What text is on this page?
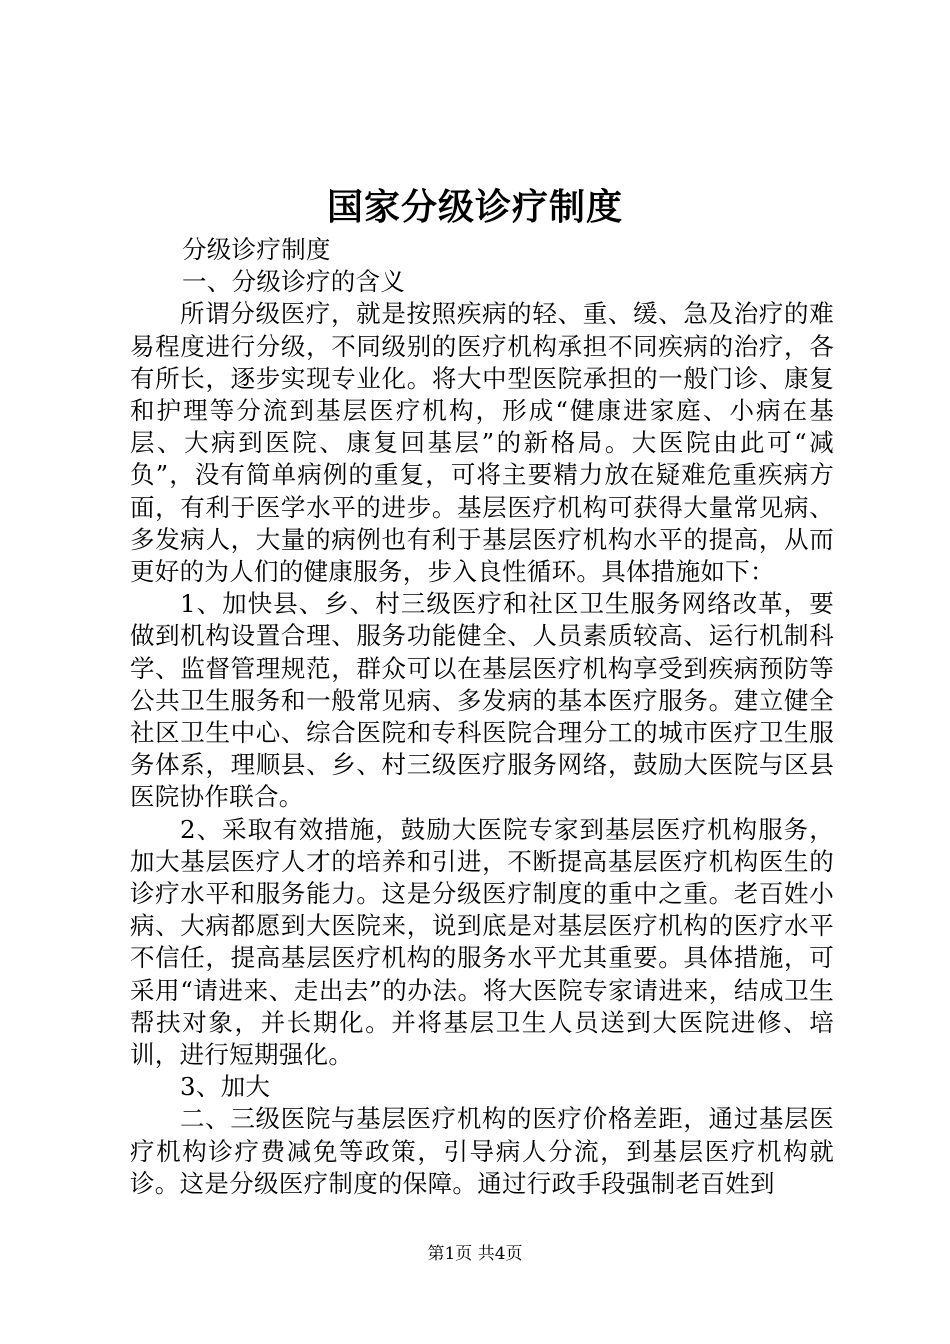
国家分级诊疗制度

分级诊疗制度

一、分级诊疗的含义

所谓分级医疗，就是按照疾病的轻、重、缓、急及治疗的难易程度进行分级，不同级别的医疗机构承担不同疾病的治疗，各有所长，逐步实现专业化。将大中型医院承担的一般门诊、康复和护理等分流到基层医疗机构，形成“健康进家庭、小病在基层、大病到医院、康复回基层”的新格局。大医院由此可“减负”，没有简单病例的重复，可将主要精力放在疑难危重疾病方面，有利于医学水平的进步。基层医疗机构可获得大量常见病、多发病人，大量的病例也有利于基层医疗机构水平的提高，从而更好的为人们的健康服务，步入良性循环。具体措施如下：

1、加快县、乡、村三级医疗和社区卫生服务网络改革，要做到机构设置合理、服务功能健全、人员素质较高、运行机制科学、监督管理规范，群众可以在基层医疗机构享受到疾病预防等公共卫生服务和一般常见病、多发病的基本医疗服务。建立健全社区卫生中心、综合医院和专科医院合理分工的城市医疗卫生服务体系，理顺县、乡、村三级医疗服务网络，鼓励大医院与区县医院协作联合。

2、采取有效措施，鼓励大医院专家到基层医疗机构服务，加大基层医疗人才的培养和引进，不断提高基层医疗机构医生的诊疗水平和服务能力。这是分级医疗制度的重中之重。老百姓小病、大病都愿到大医院来，说到底是对基层医疗机构的医疗水平不信任，提高基层医疗机构的服务水平尤其重要。具体措施，可采用“请进来、走出去”的办法。将大医院专家请进来，结成卫生帮扶对象，并长期化。并将基层卫生人员送到大医院进修、培训，进行短期强化。

3、加大

二、三级医院与基层医疗机构的医疗价格差距，通过基层医疗机构诊疗费减免等政策，引导病人分流，到基层医疗机构就诊。这是分级医疗制度的保障。通过行政手段强制老百姓到

第1页 共4页
